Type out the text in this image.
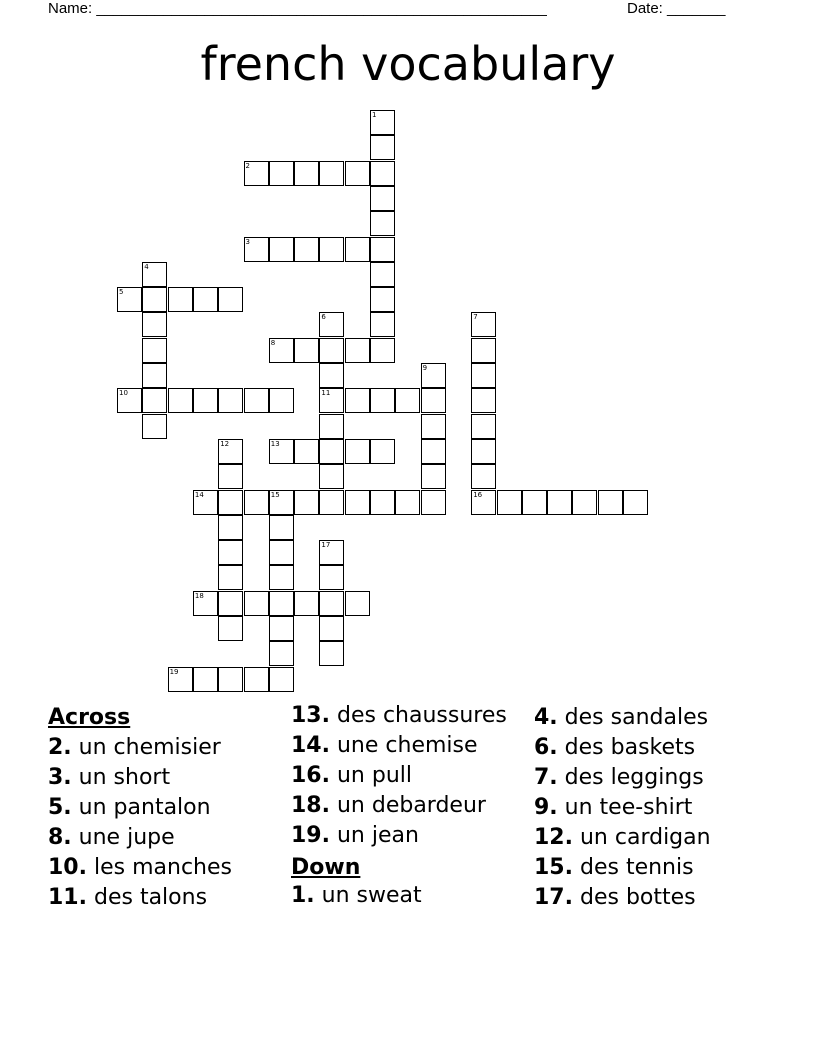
Name: ______________________________________________________	Date: _______
french vocabulary
1
2
3
4
5
6
11
7
16
8
9
10
12	13
14	15
17
18
19
Across
2. un chemisier
3. un short
5. un pantalon
8. une jupe
10. les manches
11. des talons
13. des chaussures
14. une chemise
16. un pull
18. un debardeur
19. un jean
Down
1. un sweat
4. des sandales
6. des baskets
7. des leggings
9. un tee-shirt
12. un cardigan
15. des tennis
17. des bottes
